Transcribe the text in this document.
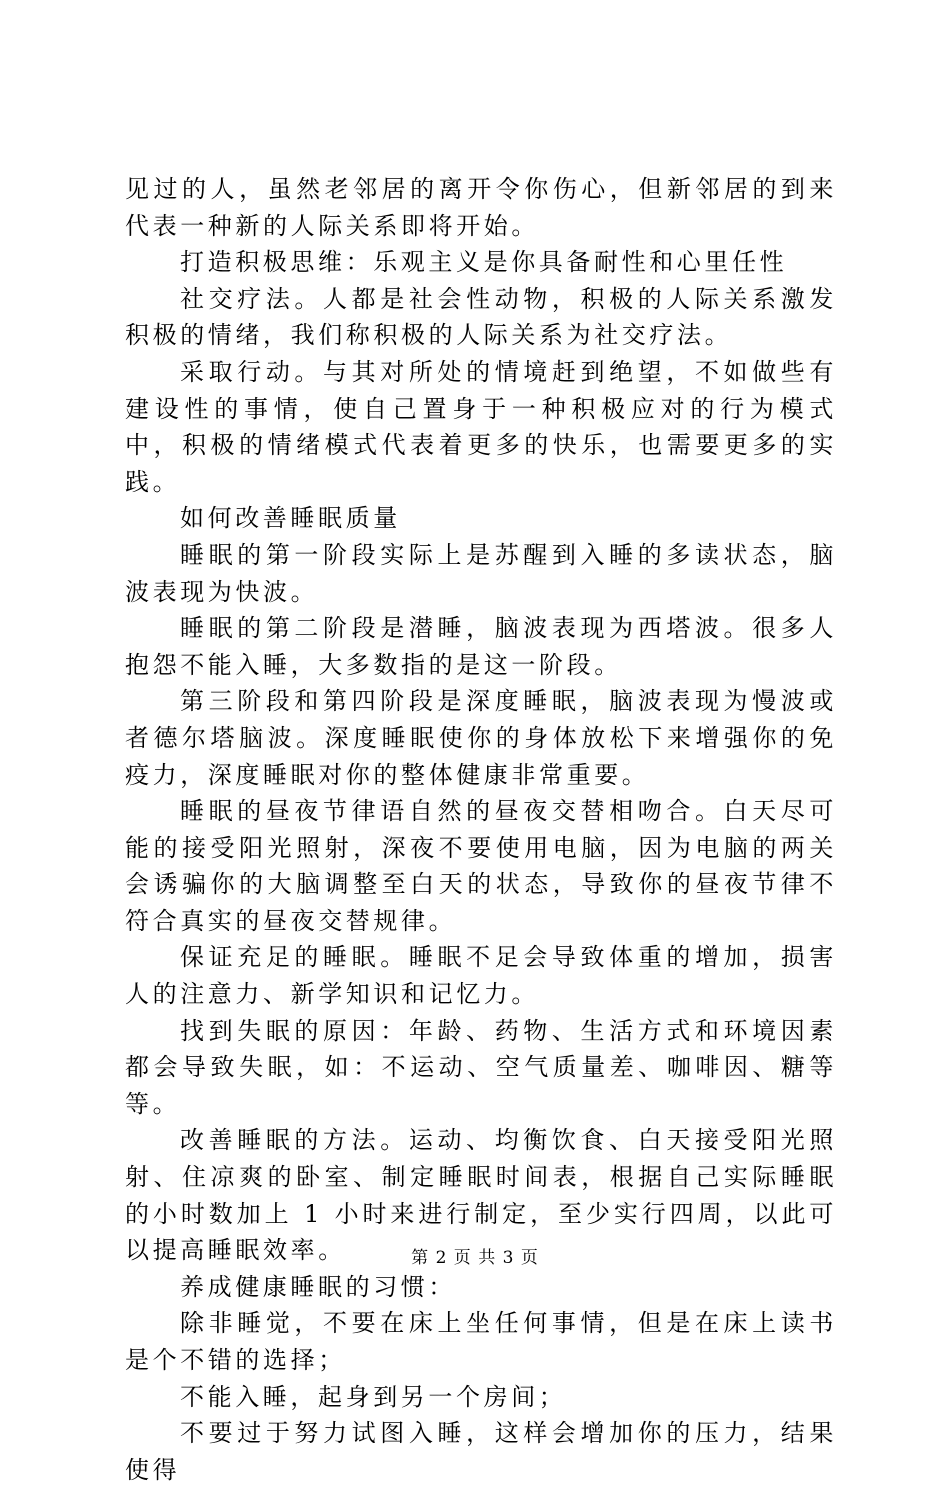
见过的人，虽然老邻居的离开令你伤心，但新邻居的到来代表一种新的人际关系即将开始。

打造积极思维：乐观主义是你具备耐性和心里任性

社交疗法。人都是社会性动物，积极的人际关系激发积极的情绪，我们称积极的人际关系为社交疗法。

采取行动。与其对所处的情境赶到绝望，不如做些有建设性的事情，使自己置身于一种积极应对的行为模式中，积极的情绪模式代表着更多的快乐，也需要更多的实践。

如何改善睡眠质量

睡眠的第一阶段实际上是苏醒到入睡的多读状态，脑波表现为快波。

睡眠的第二阶段是潜睡，脑波表现为西塔波。很多人抱怨不能入睡，大多数指的是这一阶段。

第三阶段和第四阶段是深度睡眠，脑波表现为慢波或者德尔塔脑波。深度睡眠使你的身体放松下来增强你的免疫力，深度睡眠对你的整体健康非常重要。

睡眠的昼夜节律语自然的昼夜交替相吻合。白天尽可能的接受阳光照射，深夜不要使用电脑，因为电脑的两关会诱骗你的大脑调整至白天的状态，导致你的昼夜节律不符合真实的昼夜交替规律。

保证充足的睡眠。睡眠不足会导致体重的增加，损害人的注意力、新学知识和记忆力。

找到失眠的原因：年龄、药物、生活方式和环境因素都会导致失眠，如：不运动、空气质量差、咖啡因、糖等等。

改善睡眠的方法。运动、均衡饮食、白天接受阳光照射、住凉爽的卧室、制定睡眠时间表，根据自己实际睡眠的小时数加上 1 小时来进行制定，至少实行四周，以此可以提高睡眠效率。

养成健康睡眠的习惯：

除非睡觉，不要在床上坐任何事情，但是在床上读书是个不错的选择；

不能入睡，起身到另一个房间；

不要过于努力试图入睡，这样会增加你的压力，结果使得

第 2 页 共 3 页
